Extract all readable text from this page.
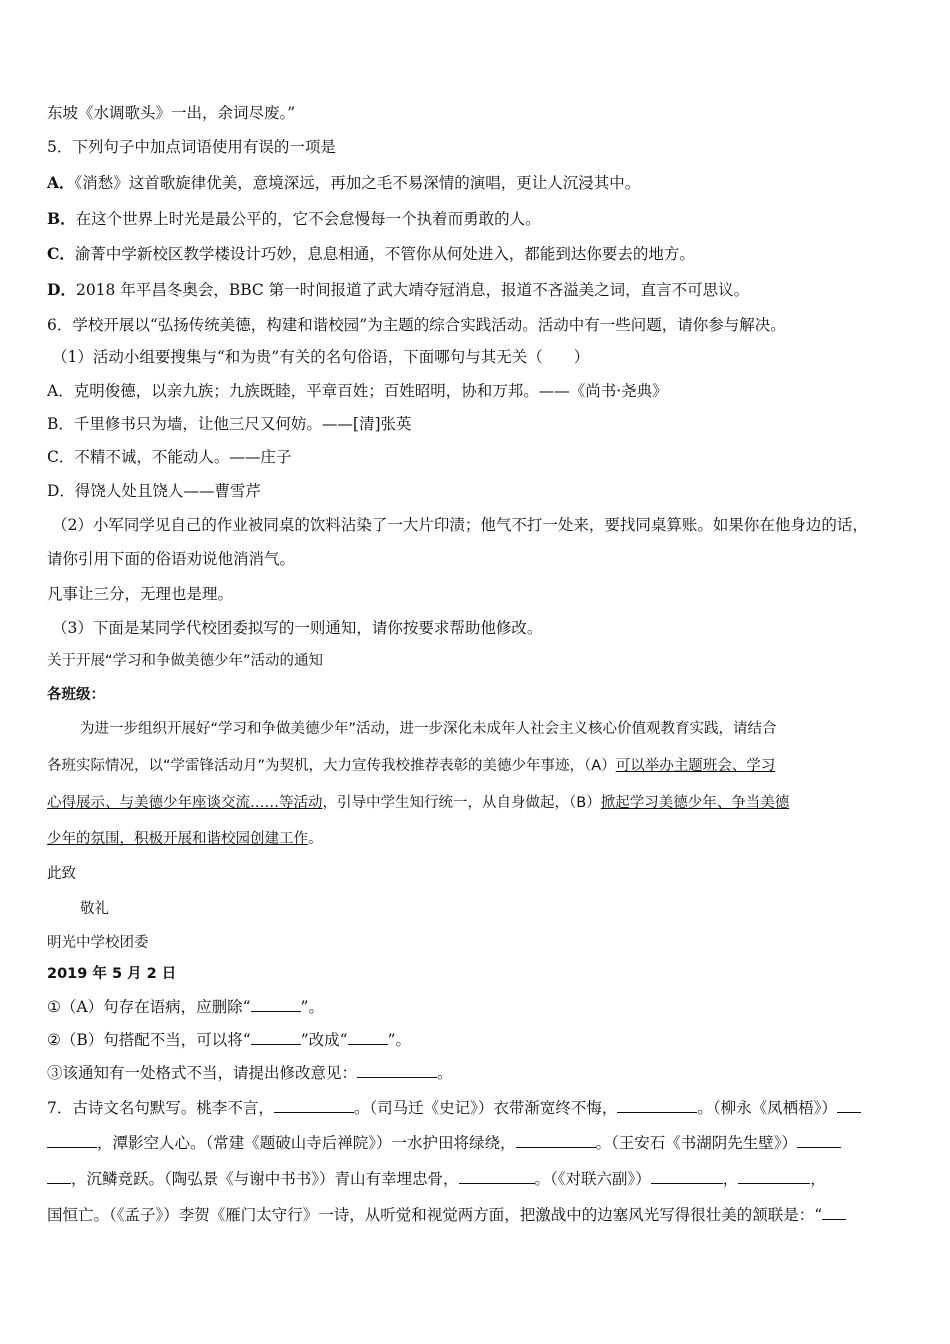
东坡《水调歌头》一出，余词尽废。”
5．下列句子中加点词语使用有误的一项是
A．《消愁》这首歌旋律优美，意境深远，再加之毛不易深情的演唱，更让人沉浸其中。
B．在这个世界上时光是最公平的，它不会怠慢每一个执着而勇敢的人。
C．渝菁中学新校区教学楼设计巧妙，息息相通，不管你从何处进入，都能到达你要去的地方。
D．2018 年平昌冬奥会，BBC 第一时间报道了武大靖夺冠消息，报道不吝溢美之词，直言不可思议。
6．学校开展以“弘扬传统美德，构建和谐校园”为主题的综合实践活动。活动中有一些问题，请你参与解决。
（1）活动小组要搜集与“和为贵”有关的名句俗语，下面哪句与其无关（　　）
A．克明俊德，以亲九族；九族既睦，平章百姓；百姓昭明，协和万邦。——《尚书·尧典》
B．千里修书只为墙，让他三尺又何妨。——[清]张英
C．不精不诚，不能动人。——庄子
D．得饶人处且饶人——曹雪芹
（2）小军同学见自己的作业被同桌的饮料沾染了一大片印渍；他气不打一处来，要找同桌算账。如果你在他身边的话，
请你引用下面的俗语劝说他消消气。
凡事让三分，无理也是理。
（3）下面是某同学代校团委拟写的一则通知，请你按要求帮助他修改。
关于开展“学习和争做美德少年”活动的通知
各班级：
为进一步组织开展好“学习和争做美德少年”活动，进一步深化未成年人社会主义核心价值观教育实践，请结合
各班实际情况，以“学雷锋活动月”为契机，大力宣传我校推荐表彰的美德少年事迹，（A）可以举办主题班会、学习
心得展示、与美德少年座谈交流……等活动，引导中学生知行统一，从自身做起，（B）掀起学习美德少年、争当美德
少年的氛围，积极开展和谐校园创建工作。
此致
敬礼
明光中学校团委
2019 年 5 月 2 日
①（A）句存在语病，应删除“	”。
②（B）句搭配不当，可以将“	”改成“	”。
③该通知有一处格式不当，请提出修改意见：	。
7．古诗文名句默写。桃李不言，	。（司马迁《史记》）衣带渐宽终不悔，	。（柳永《凤栖梧》）
，潭影空人心。（常建《题破山寺后禅院》）一水护田将绿绕，	。（王安石《书湖阴先生壁》）
，沉鳞竞跃。（陶弘景《与谢中书书》）青山有幸埋忠骨，	。（《对联六副》）	，	，
国恒亡。（《孟子》）李贺《雁门太守行》一诗，从听觉和视觉两方面，把激战中的边塞风光写得很壮美的颔联是：“
